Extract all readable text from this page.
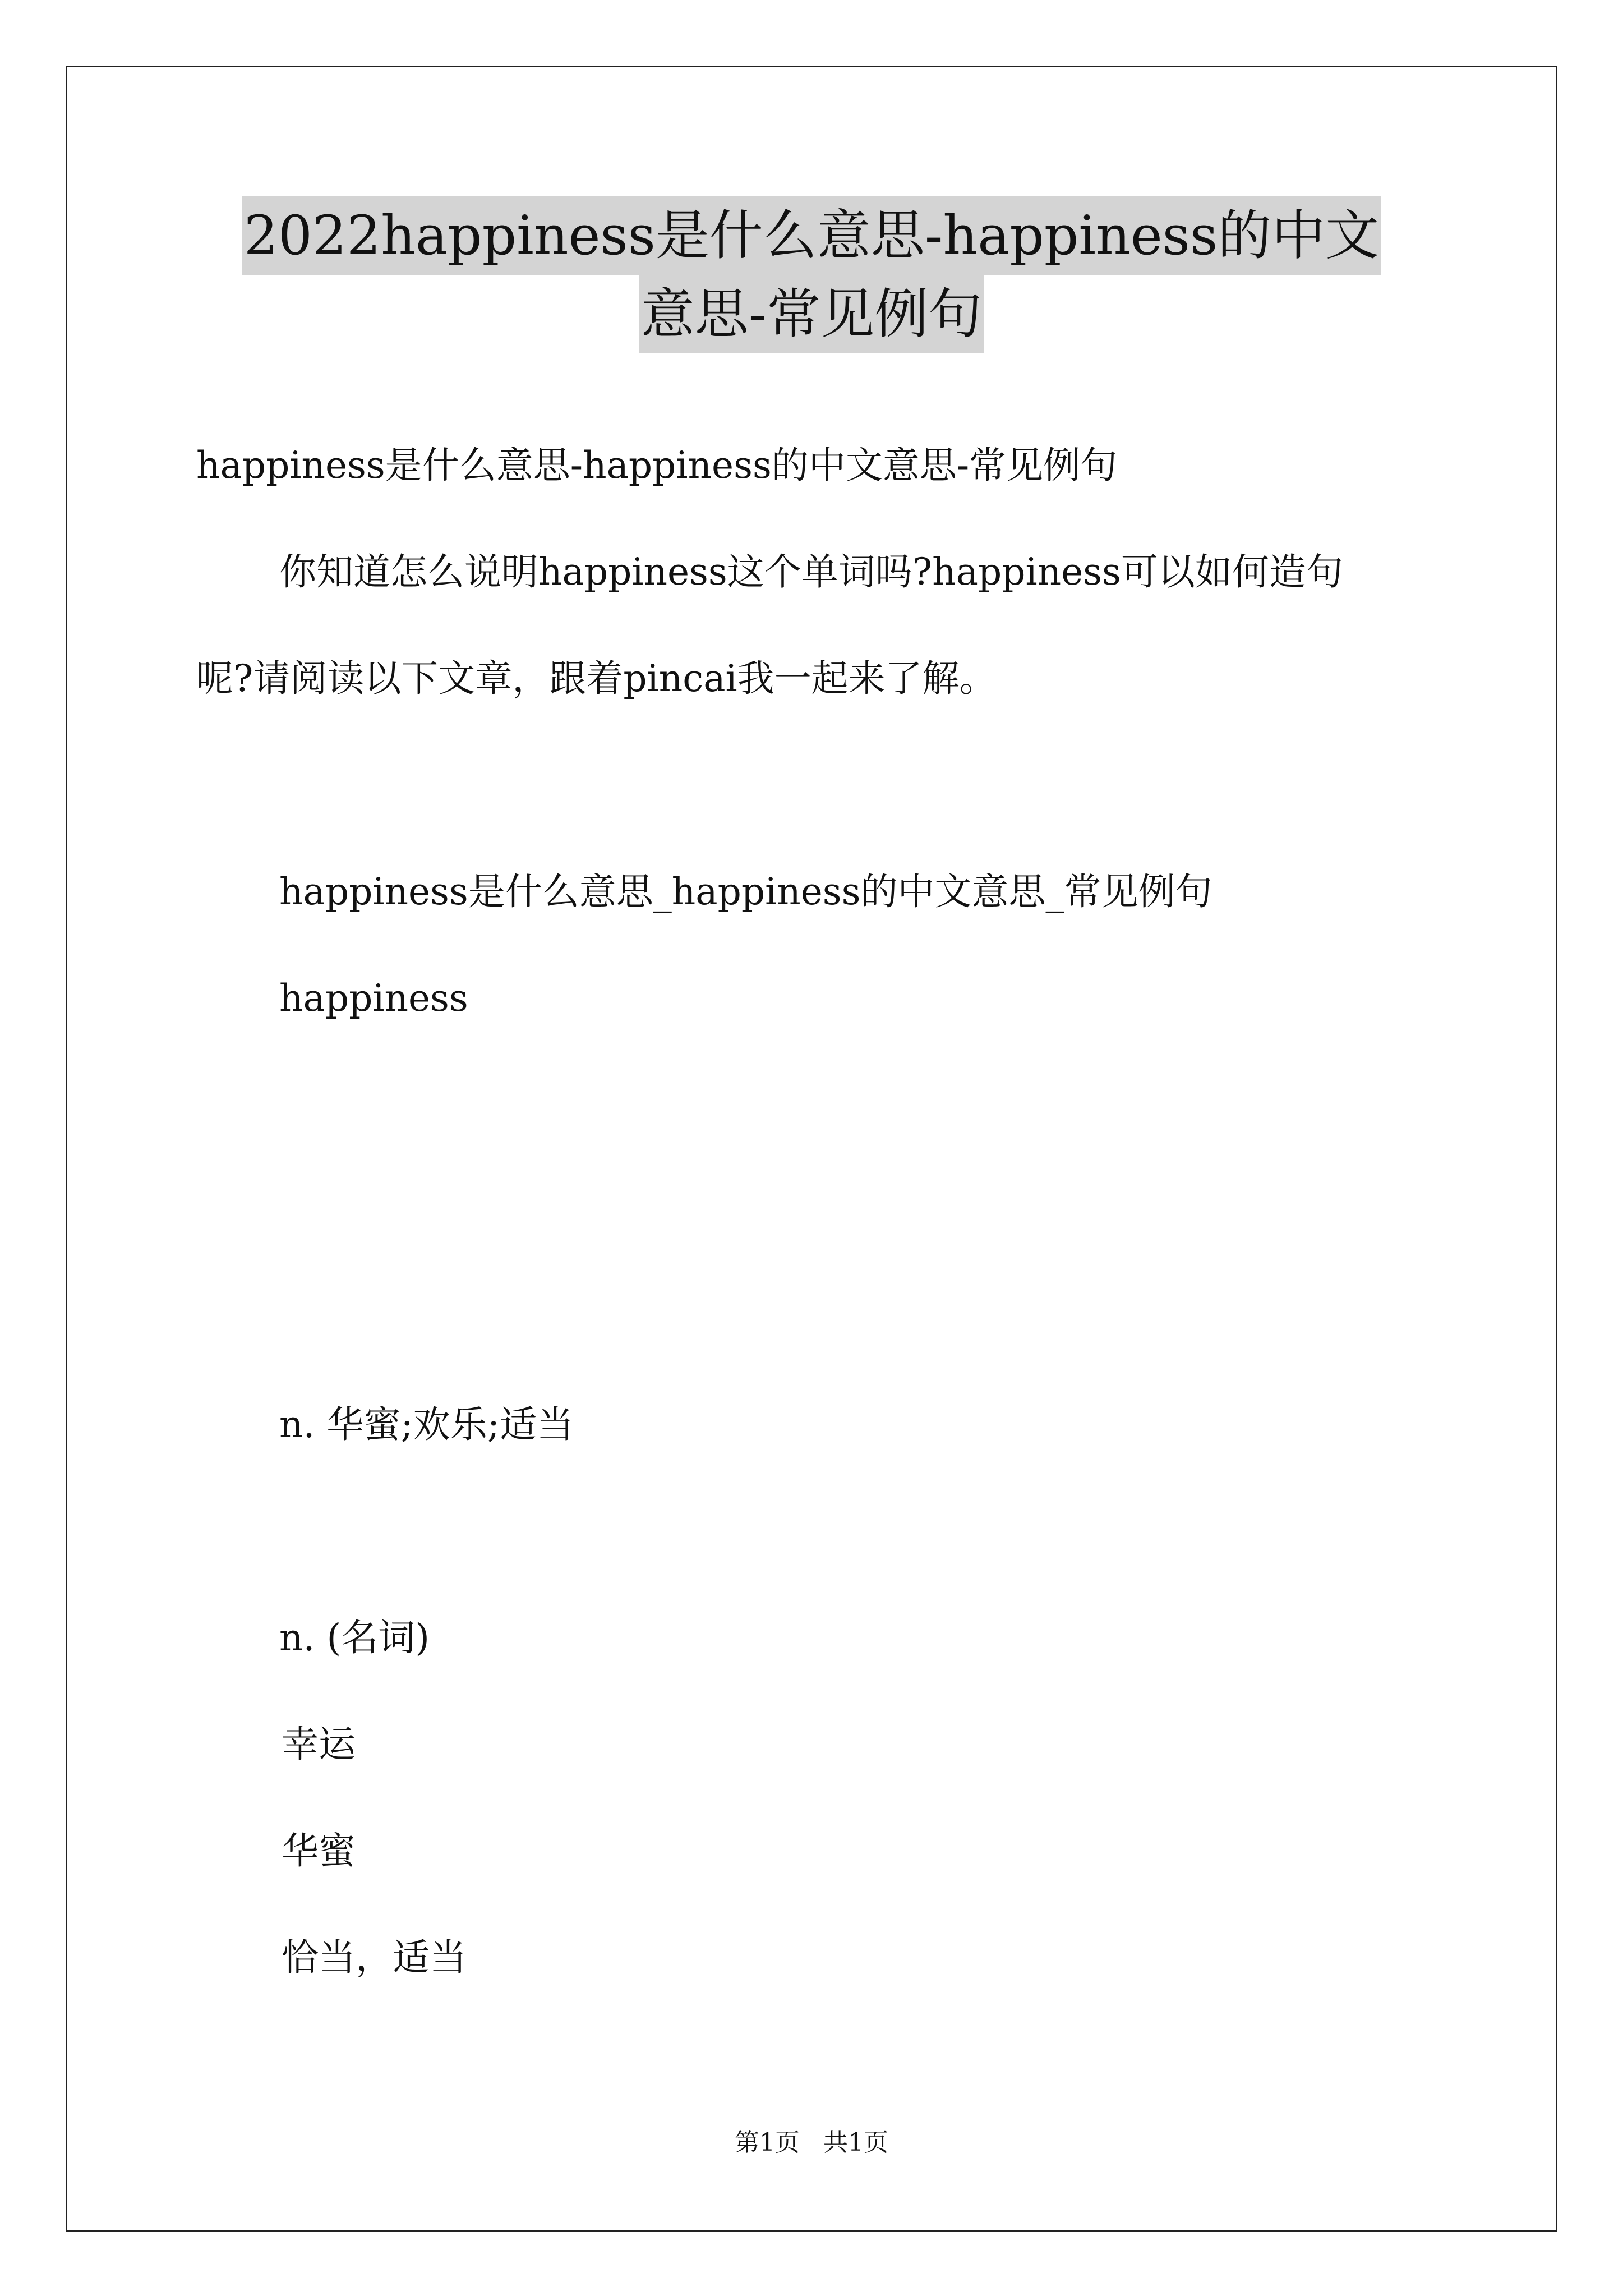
2022happiness是什么意思-happiness的中文
意思-常见例句
happiness是什么意思-happiness的中文意思-常见例句
你知道怎么说明happiness这个单词吗?happiness可以如何造句
呢?请阅读以下文章，跟着pincai我一起来了解。
happiness是什么意思_happiness的中文意思_常见例句
happiness
n. 华蜜;欢乐;适当
n. (名词)
幸运
华蜜
恰当，适当
第1页   共1页
